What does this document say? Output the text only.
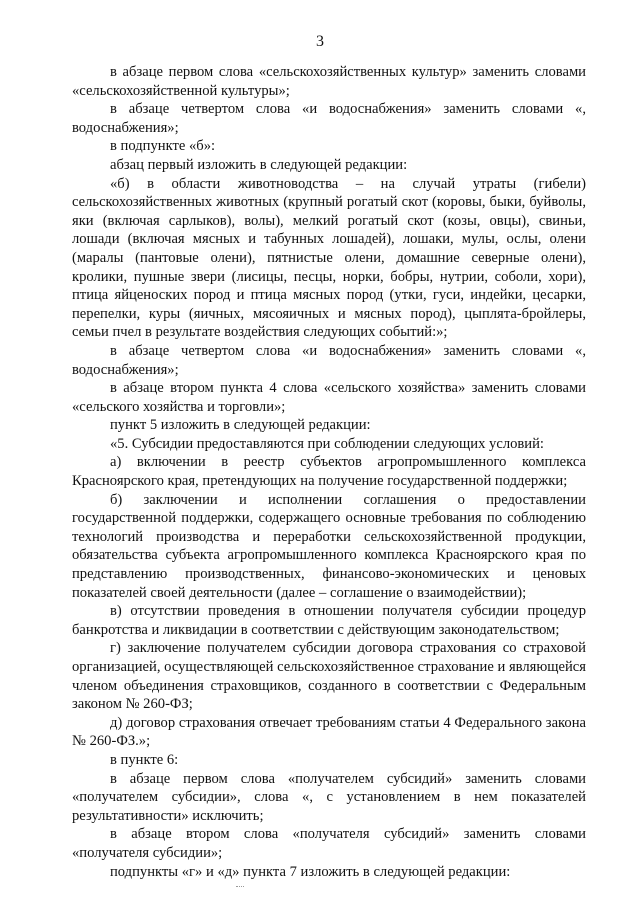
3

в абзаце первом слова «сельскохозяйственных культур» заменить словами «сельскохозяйственной культуры»;

в абзаце четвертом слова «и водоснабжения» заменить словами «, водоснабжения»;

в подпункте «б»:

абзац первый изложить в следующей редакции:

«б) в области животноводства – на случай утраты (гибели) сельскохозяйственных животных (крупный рогатый скот (коровы, быки, буйволы, яки (включая сарлыков), волы), мелкий рогатый скот (козы, овцы), свиньи, лошади (включая мясных и табунных лошадей), лошаки, мулы, ослы, олени (маралы (пантовые олени), пятнистые олени, домашние северные олени), кролики, пушные звери (лисицы, песцы, норки, бобры, нутрии, соболи, хори), птица яйценоских пород и птица мясных пород (утки, гуси, индейки, цесарки, перепелки, куры (яичных, мясояичных и мясных пород), цыплята-бройлеры, семьи пчел в результате воздействия следующих событий:»;

в абзаце четвертом слова «и водоснабжения» заменить словами «, водоснабжения»;

в абзаце втором пункта 4 слова «сельского хозяйства» заменить словами «сельского хозяйства и торговли»;

пункт 5 изложить в следующей редакции:

«5. Субсидии предоставляются при соблюдении следующих условий:

а) включении в реестр субъектов агропромышленного комплекса Красноярского края, претендующих на получение государственной поддержки;

б) заключении и исполнении соглашения о предоставлении государственной поддержки, содержащего основные требования по соблюдению технологий производства и переработки сельскохозяйственной продукции, обязательства субъекта агропромышленного комплекса Красноярского края по представлению производственных, финансово-экономических и ценовых показателей своей деятельности (далее – соглашение о взаимодействии);

в) отсутствии проведения в отношении получателя субсидии процедур банкротства и ликвидации в соответствии с действующим законодательством;

г) заключение получателем субсидии договора страхования со страховой организацией, осуществляющей сельскохозяйственное страхование и являющейся членом объединения страховщиков, созданного в соответствии с Федеральным законом № 260-ФЗ;

д) договор страхования отвечает требованиям статьи 4 Федерального закона № 260-ФЗ.»;

в пункте 6:

в абзаце первом слова «получателем субсидий» заменить словами «получателем субсидии», слова «, с установлением в нем показателей результативности» исключить;

в абзаце втором слова «получателя субсидий» заменить словами «получателя субсидии»;

подпункты «г» и «д» пункта 7 изложить в следующей редакции:
